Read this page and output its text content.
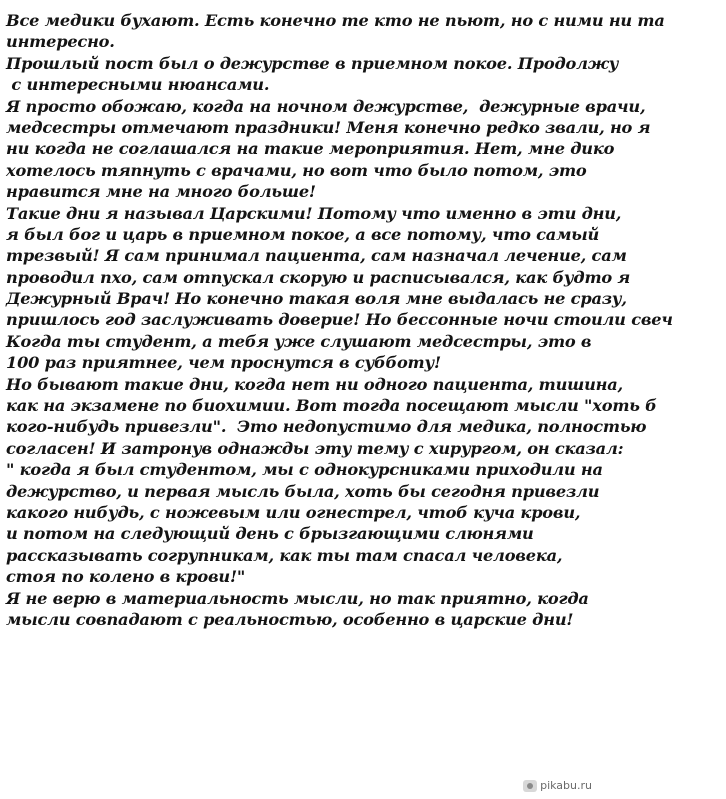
Все медики бухают. Есть конечно те кто не пьют, но с ними ни та
интересно.
Прошлый пост был о дежурстве в приемном покое. Продолжу
с интересными нюансами.
Я просто обожаю, когда на ночном дежурстве,  дежурные врачи,
медсестры отмечают праздники! Меня конечно редко звали, но я
ни когда не соглашался на такие мероприятия. Нет, мне дико
хотелось тяпнуть с врачами, но вот что было потом, это
нравится мне на много больше!
Такие дни я называл Царскими! Потому что именно в эти дни,
я был бог и царь в приемном покое, а все потому, что самый
трезвый! Я сам принимал пациента, сам назначал лечение, сам
проводил пхо, сам отпускал скорую и расписывался, как будто я
Дежурный Врач! Но конечно такая воля мне выдалась не сразу,
пришлось год заслуживать доверие! Но бессонные ночи стоили свеч
Когда ты студент, а тебя уже слушают медсестры, это в
100 раз приятнее, чем проснутся в субботу!
Но бывают такие дни, когда нет ни одного пациента, тишина,
как на экзамене по биохимии. Вот тогда посещают мысли "хоть б
кого-нибудь привезли".  Это недопустимо для медика, полностью
согласен! И затронув однажды эту тему с хирургом, он сказал:
" когда я был студентом, мы с однокурсниками приходили на
дежурство, и первая мысль была, хоть бы сегодня привезли
какого нибудь, с ножевым или огнестрел, чтоб куча крови,
и потом на следующий день с брызгающими слюнями
рассказывать согрупникам, как ты там спасал человека,
стоя по колено в крови!"
Я не верю в материальность мысли, но так приятно, когда
мысли совпадают с реальностью, особенно в царские дни!
pikabu.ru
